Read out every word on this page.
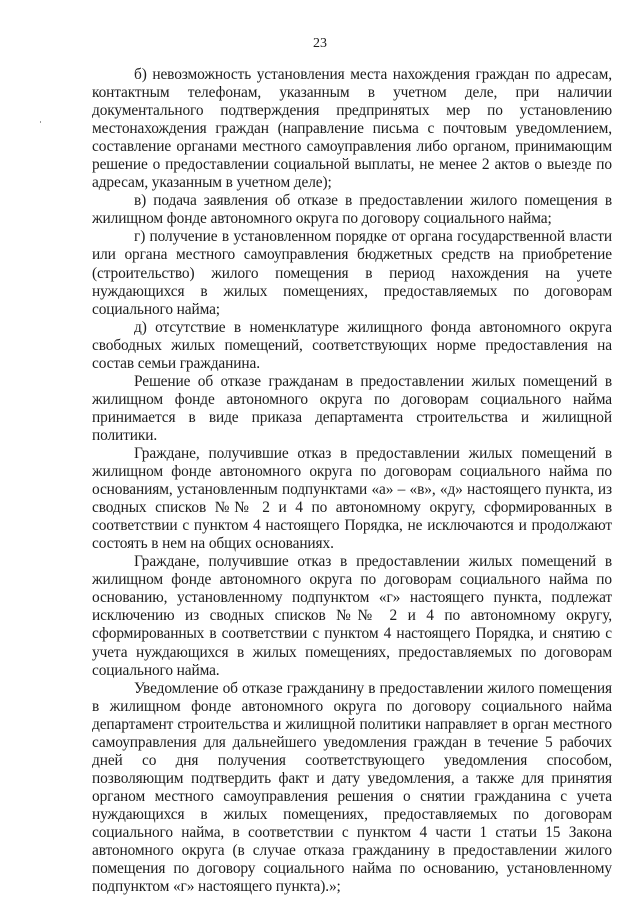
23

б) невозможность установления места нахождения граждан по адресам, контактным телефонам, указанным в учетном деле, при наличии документального подтверждения предпринятых мер по установлению местонахождения граждан (направление письма с почтовым уведомлением, составление органами местного самоуправления либо органом, принимающим решение о предоставлении социальной выплаты, не менее 2 актов о выезде по адресам, указанным в учетном деле);

в) подача заявления об отказе в предоставлении жилого помещения в жилищном фонде автономного округа по договору социального найма;

г) получение в установленном порядке от органа государственной власти или органа местного самоуправления бюджетных средств на приобретение (строительство) жилого помещения в период нахождения на учете нуждающихся в жилых помещениях, предоставляемых по договорам социального найма;

д) отсутствие в номенклатуре жилищного фонда автономного округа свободных жилых помещений, соответствующих норме предоставления на состав семьи гражданина.

Решение об отказе гражданам в предоставлении жилых помещений в жилищном фонде автономного округа по договорам социального найма принимается в виде приказа департамента строительства и жилищной политики.

Граждане, получившие отказ в предоставлении жилых помещений в жилищном фонде автономного округа по договорам социального найма по основаниям, установленным подпунктами «а» – «в», «д» настоящего пункта, из сводных списков №№ 2 и 4 по автономному округу, сформированных в соответствии с пунктом 4 настоящего Порядка, не исключаются и продолжают состоять в нем на общих основаниях.

Граждане, получившие отказ в предоставлении жилых помещений в жилищном фонде автономного округа по договорам социального найма по основанию, установленному подпунктом «г» настоящего пункта, подлежат исключению из сводных списков №№ 2 и 4 по автономному округу, сформированных в соответствии с пунктом 4 настоящего Порядка, и снятию с учета нуждающихся в жилых помещениях, предоставляемых по договорам социального найма.

Уведомление об отказе гражданину в предоставлении жилого помещения в жилищном фонде автономного округа по договору социального найма департамент строительства и жилищной политики направляет в орган местного самоуправления для дальнейшего уведомления граждан в течение 5 рабочих дней со дня получения соответствующего уведомления способом, позволяющим подтвердить факт и дату уведомления, а также для принятия органом местного самоуправления решения о снятии гражданина с учета нуждающихся в жилых помещениях, предоставляемых по договорам социального найма, в соответствии с пунктом 4 части 1 статьи 15 Закона автономного округа (в случае отказа гражданину в предоставлении жилого помещения по договору социального найма по основанию, установленному подпунктом «г» настоящего пункта).»;
